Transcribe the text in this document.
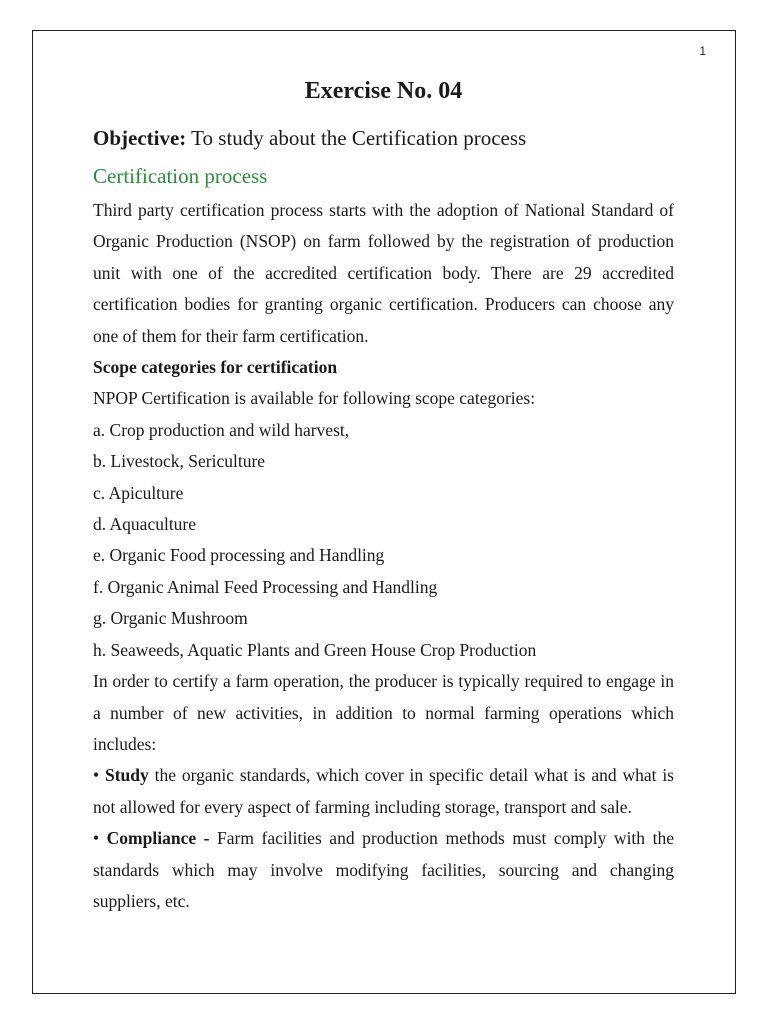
1
Exercise No. 04

Objective: To study about the Certification process

Certification process

Third party certification process starts with the adoption of National Standard of Organic Production (NSOP) on farm followed by the registration of production unit with one of the accredited certification body. There are 29 accredited certification bodies for granting organic certification. Producers can choose any one of them for their farm certification.

Scope categories for certification

NPOP Certification is available for following scope categories:

a. Crop production and wild harvest,

b. Livestock, Sericulture

c. Apiculture

d. Aquaculture

e. Organic Food processing and Handling

f. Organic Animal Feed Processing and Handling

g. Organic Mushroom

h. Seaweeds, Aquatic Plants and Green House Crop Production

In order to certify a farm operation, the producer is typically required to engage in a number of new activities, in addition to normal farming operations which includes:

• Study the organic standards, which cover in specific detail what is and what is not allowed for every aspect of farming including storage, transport and sale.

• Compliance - Farm facilities and production methods must comply with the standards which may involve modifying facilities, sourcing and changing suppliers, etc.
